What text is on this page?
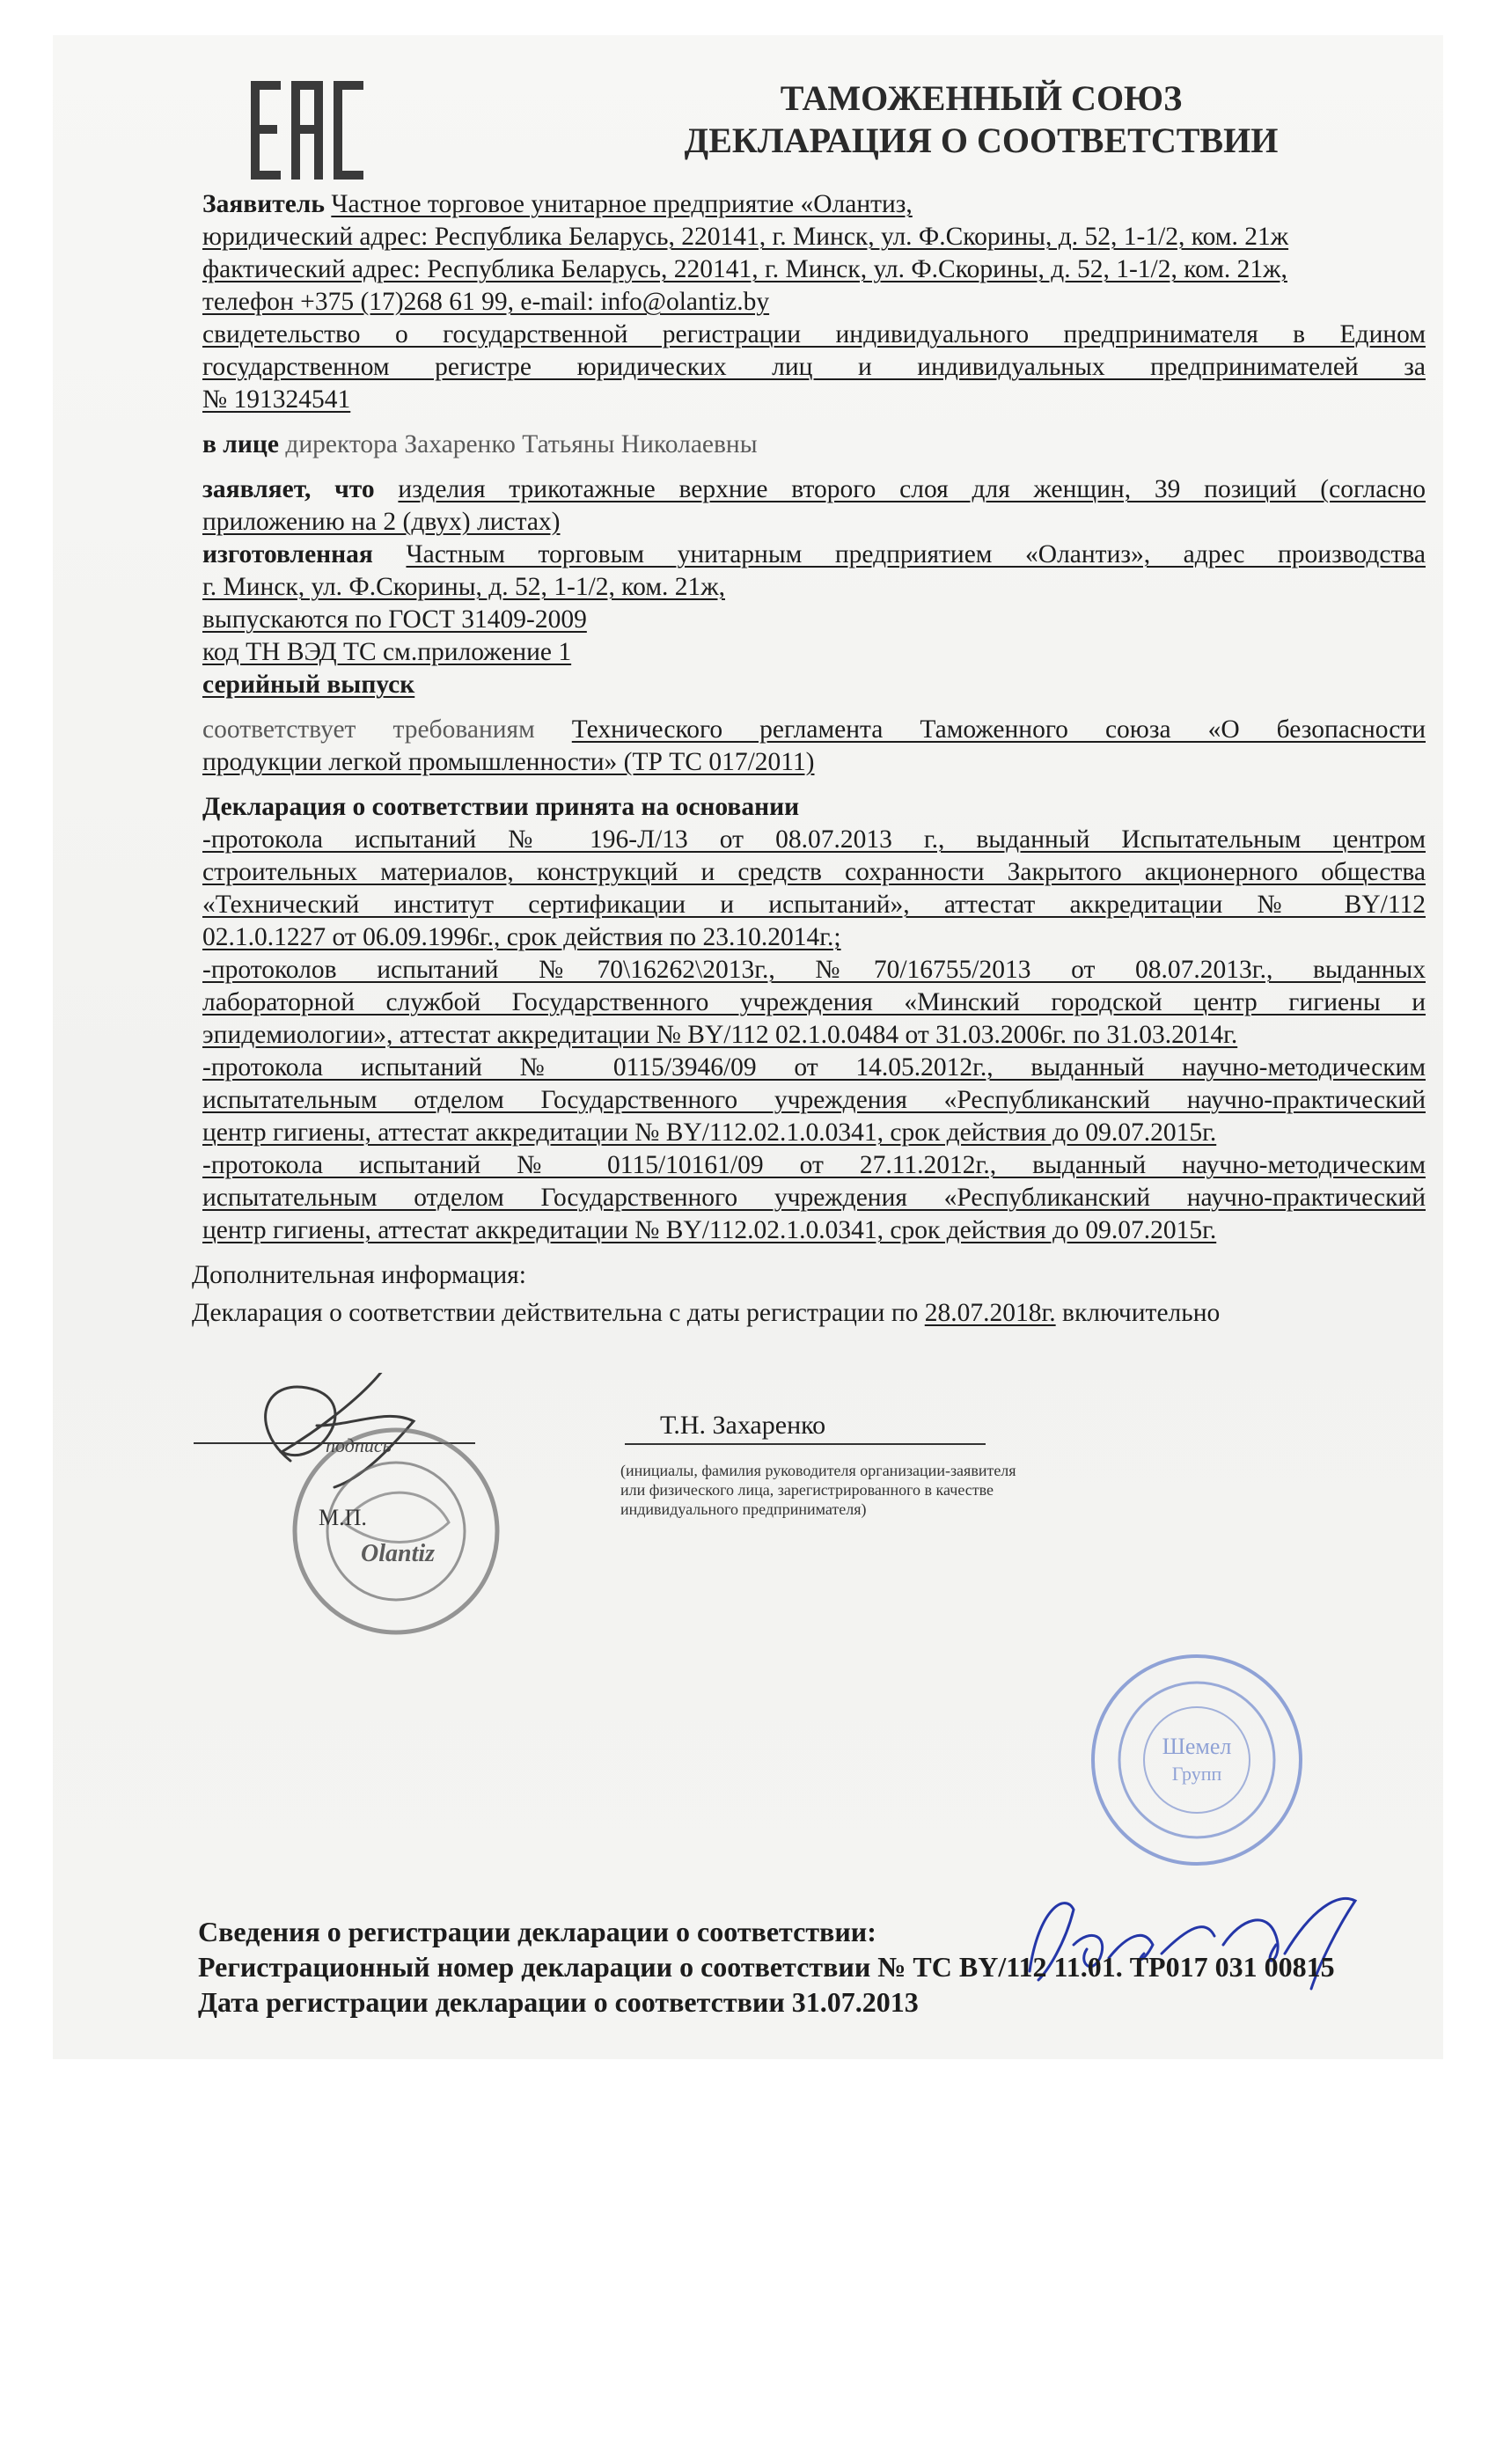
ТАМОЖЕННЫЙ СОЮЗ
ДЕКЛАРАЦИЯ О СООТВЕТСТВИИ
Заявитель Частное торговое унитарное предприятие «Олантиз,
юридический адрес: Республика Беларусь, 220141, г. Минск, ул. Ф.Скорины, д. 52, 1-1/2, ком. 21ж
фактический адрес: Республика Беларусь, 220141, г. Минск, ул. Ф.Скорины, д. 52, 1-1/2, ком. 21ж,
телефон +375 (17)268 61 99, e-mail: info@olantiz.by
свидетельство о государственной регистрации индивидуального предпринимателя в Едином
государственном регистре юридических лиц и индивидуальных предпринимателей за
№ 191324541
в лице директора Захаренко Татьяны Николаевны
заявляет, что изделия трикотажные верхние второго слоя для женщин, 39 позиций (согласно
приложению на 2 (двух) листах)
изготовленная Частным торговым унитарным предприятием «Олантиз», адрес производства
г. Минск, ул. Ф.Скорины, д. 52, 1-1/2, ком. 21ж,
выпускаются по ГОСТ 31409-2009
код ТН ВЭД ТС см.приложение 1
серийный выпуск
соответствует требованиям Технического регламента Таможенного союза «О безопасности
продукции легкой промышленности» (ТР ТС 017/2011)
Декларация о соответствии принята на основании
-протокола испытаний № 196-Л/13 от 08.07.2013 г., выданный Испытательным центром
строительных материалов, конструкций и средств сохранности Закрытого акционерного общества
«Технический институт сертификации и испытаний», аттестат аккредитации № BY/112
02.1.0.1227 от 06.09.1996г., срок действия по 23.10.2014г.;
-протоколов испытаний №70\16262\2013г., №70/16755/2013 от 08.07.2013г., выданных
лабораторной службой Государственного учреждения «Минский городской центр гигиены и
эпидемиологии», аттестат аккредитации № BY/112 02.1.0.0484 от 31.03.2006г. по 31.03.2014г.
-протокола испытаний № 0115/3946/09 от 14.05.2012г., выданный научно-методическим
испытательным отделом Государственного учреждения «Республиканский научно-практический
центр гигиены, аттестат аккредитации № BY/112.02.1.0.0341, срок действия до 09.07.2015г.
-протокола испытаний № 0115/10161/09 от 27.11.2012г., выданный научно-методическим
испытательным отделом Государственного учреждения «Республиканский научно-практический
центр гигиены, аттестат аккредитации № BY/112.02.1.0.0341, срок действия до 09.07.2015г.
Дополнительная информация:
Декларация о соответствии действительна с даты регистрации по 28.07.2018г. включительно
подпись
М.П.
Olantiz
Т.Н. Захаренко
(инициалы, фамилия руководителя организации-заявителя
или физического лица, зарегистрированного в качестве
индивидуального предпринимателя)
Шемел
Групп
Сведения о регистрации декларации о соответствии:
Регистрационный номер декларации о соответствии № ТС BY/112 11.01. ТР017 031 00815
Дата регистрации декларации о соответствии 31.07.2013
